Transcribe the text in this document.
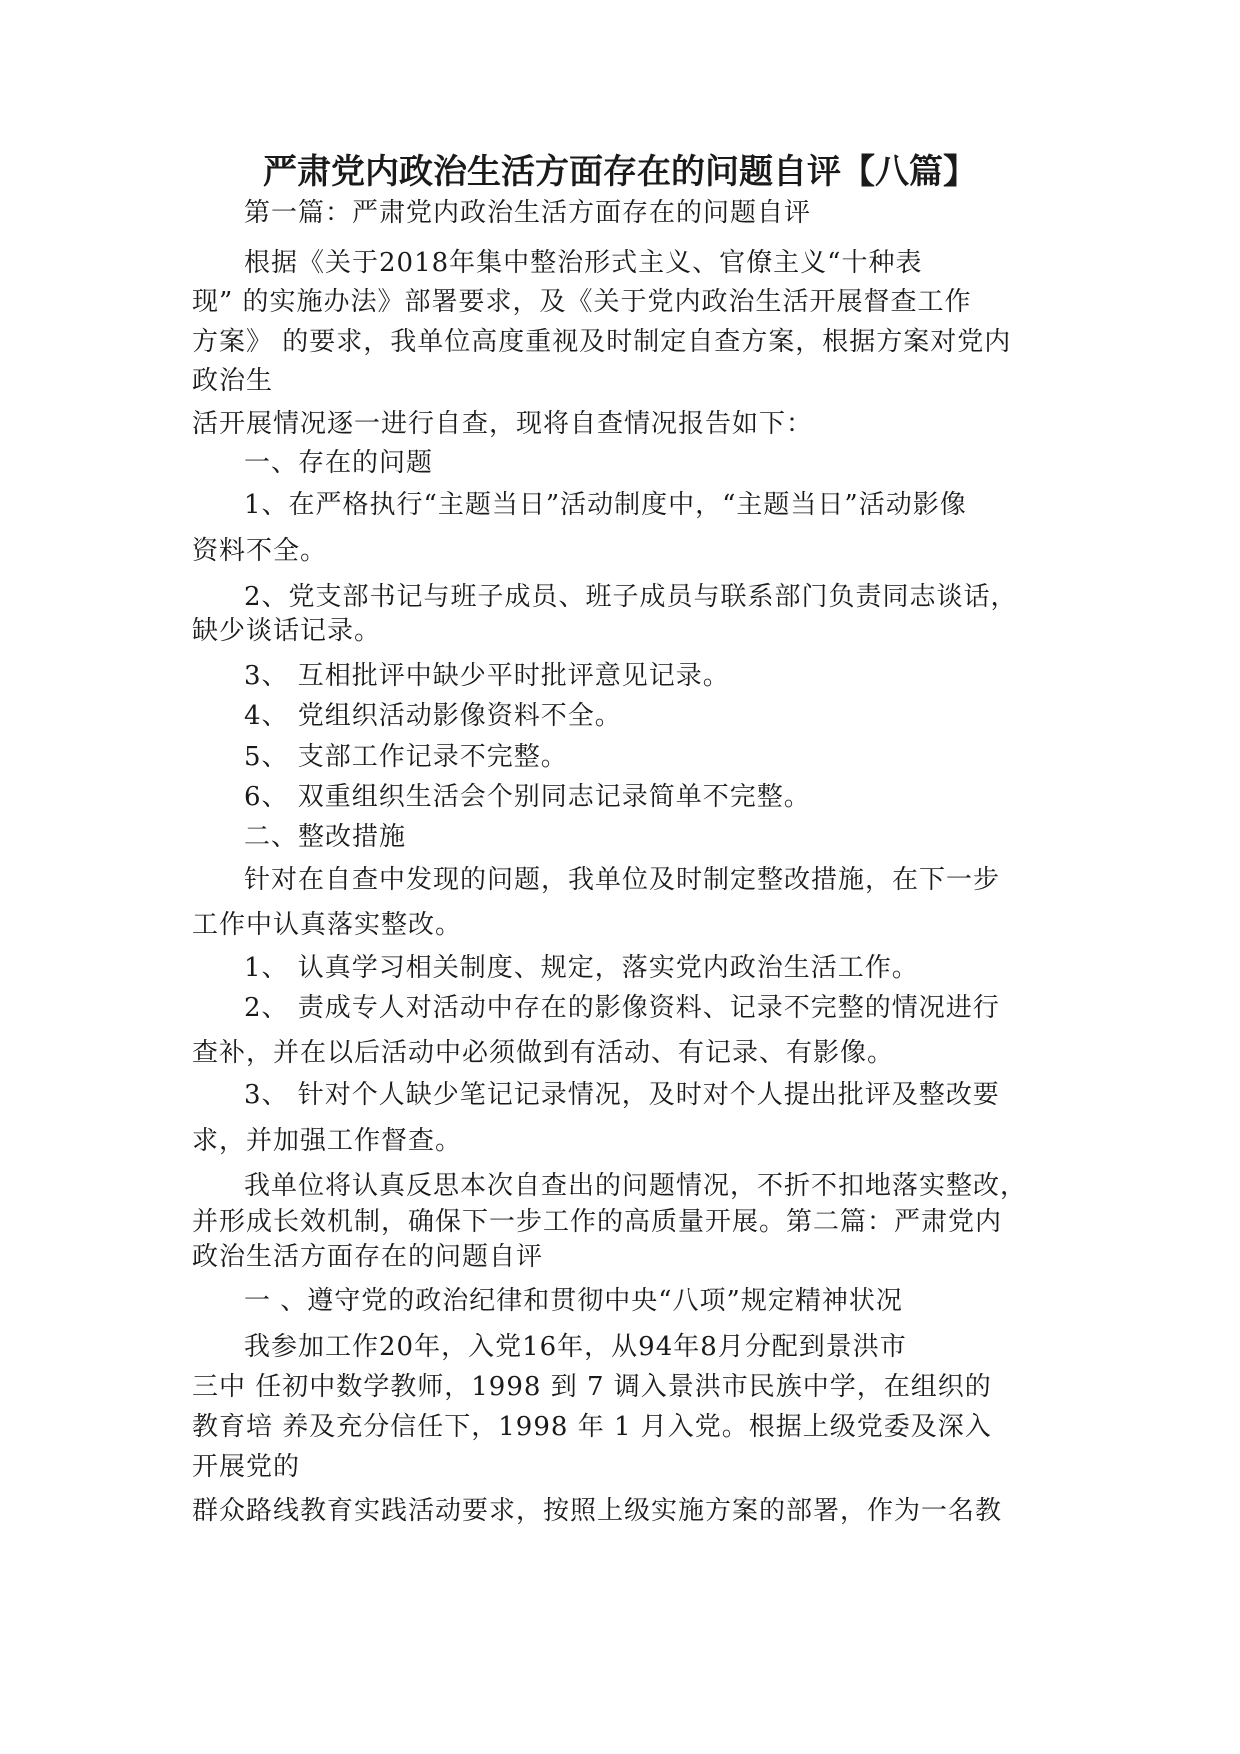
严肃党内政治生活方面存在的问题自评【八篇】
第一篇：严肃党内政治生活方面存在的问题自评
根据《关于2018年集中整治形式主义、官僚主义“十种表
现” 的实施办法》部署要求，及《关于党内政治生活开展督查工作
方案》 的要求，我单位高度重视及时制定自查方案，根据方案对党内
政治生
活开展情况逐一进行自查，现将自查情况报告如下：
一、存在的问题
1、在严格执行“主题当日”活动制度中，“主题当日”活动影像
资料不全。
2、党支部书记与班子成员、班子成员与联系部门负责同志谈话，
缺少谈话记录。
3、 互相批评中缺少平时批评意见记录。
4、 党组织活动影像资料不全。
5、 支部工作记录不完整。
6、 双重组织生活会个别同志记录简单不完整。
二、整改措施
针对在自查中发现的问题，我单位及时制定整改措施，在下一步
工作中认真落实整改。
1、 认真学习相关制度、规定，落实党内政治生活工作。
2、 责成专人对活动中存在的影像资料、记录不完整的情况进行
查补，并在以后活动中必须做到有活动、有记录、有影像。
3、 针对个人缺少笔记记录情况，及时对个人提出批评及整改要
求，并加强工作督查。
我单位将认真反思本次自查出的问题情况，不折不扣地落实整改，
并形成长效机制，确保下一步工作的高质量开展。第二篇：严肃党内
政治生活方面存在的问题自评
一 、遵守党的政治纪律和贯彻中央“八项”规定精神状况
我参加工作20年，入党16年，从94年8月分配到景洪市
三中 任初中数学教师，1998 到 7 调入景洪市民族中学，在组织的
教育培 养及充分信任下，1998 年 1 月入党。根据上级党委及深入
开展党的
群众路线教育实践活动要求，按照上级实施方案的部署，作为一名教
